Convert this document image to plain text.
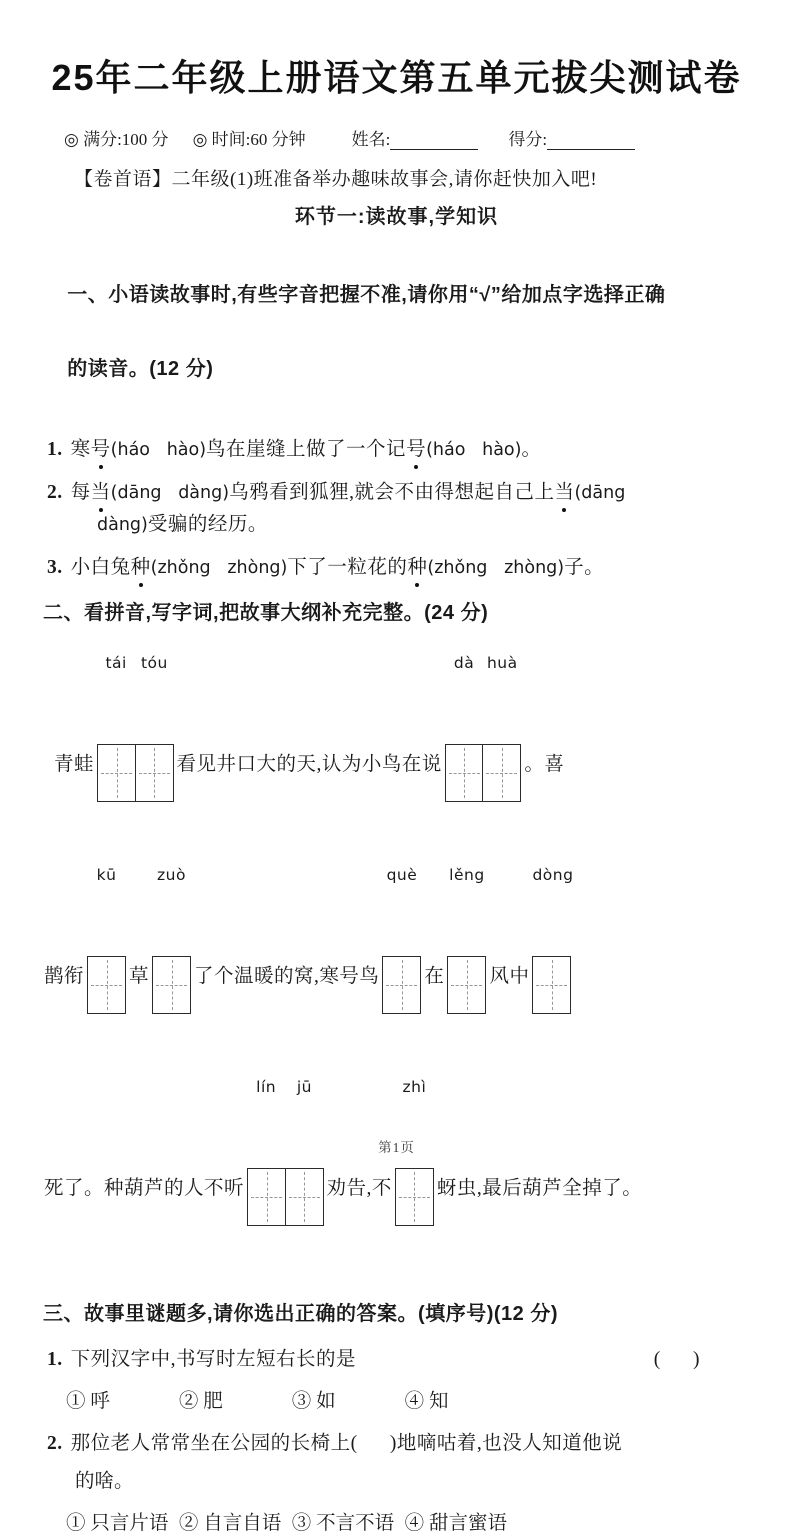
25年二年级上册语文第五单元拔尖测试卷
◎ 满分:100 分 ◎ 时间:60 分钟	姓名:	得分:
【卷首语】二年级(1)班准备举办趣味故事会,请你赶快加入吧!
环节一:读故事,学知识

一、小语读故事时,有些字音把握不准,请你用“√”给加点字选择正确

的读音。(12 分)

1. 寒号(háo   hào)鸟在崖缝上做了一个记号(háo   hào)。
2. 每当(dāng   dàng)乌鸦看到狐狸,就会不由得想起自己上当(dāng
dàng)受骗的经历。
3. 小白兔种(zhǒng   zhòng)下了一粒花的种(zhǒng   zhòng)子。
二、看拼音,写字词,把故事大纲补充完整。(24 分)
青蛙

tái tóu

看见井口大的天,认为小鸟在说

dà huà

。喜
鹊衔

kū

草

zuò

了个温暖的窝,寒号鸟

què

在

lěng

风中

dòng

死了。种葫芦的人不听

lín	jū

劝告,不

zhì

蚜虫,最后葫芦全掉了。
三、故事里谜题多,请你选出正确的答案。(填序号)(12 分)
1. 下列汉字中,书写时左短右长的是	(      )
① 呼	② 肥	③ 如	④ 知
2. 那位老人常常坐在公园的长椅上(      )地嘀咕着,也没人知道他说
的啥。
① 只言片语 ② 自言自语 ③ 不言不语 ④ 甜言蜜语
第1页
